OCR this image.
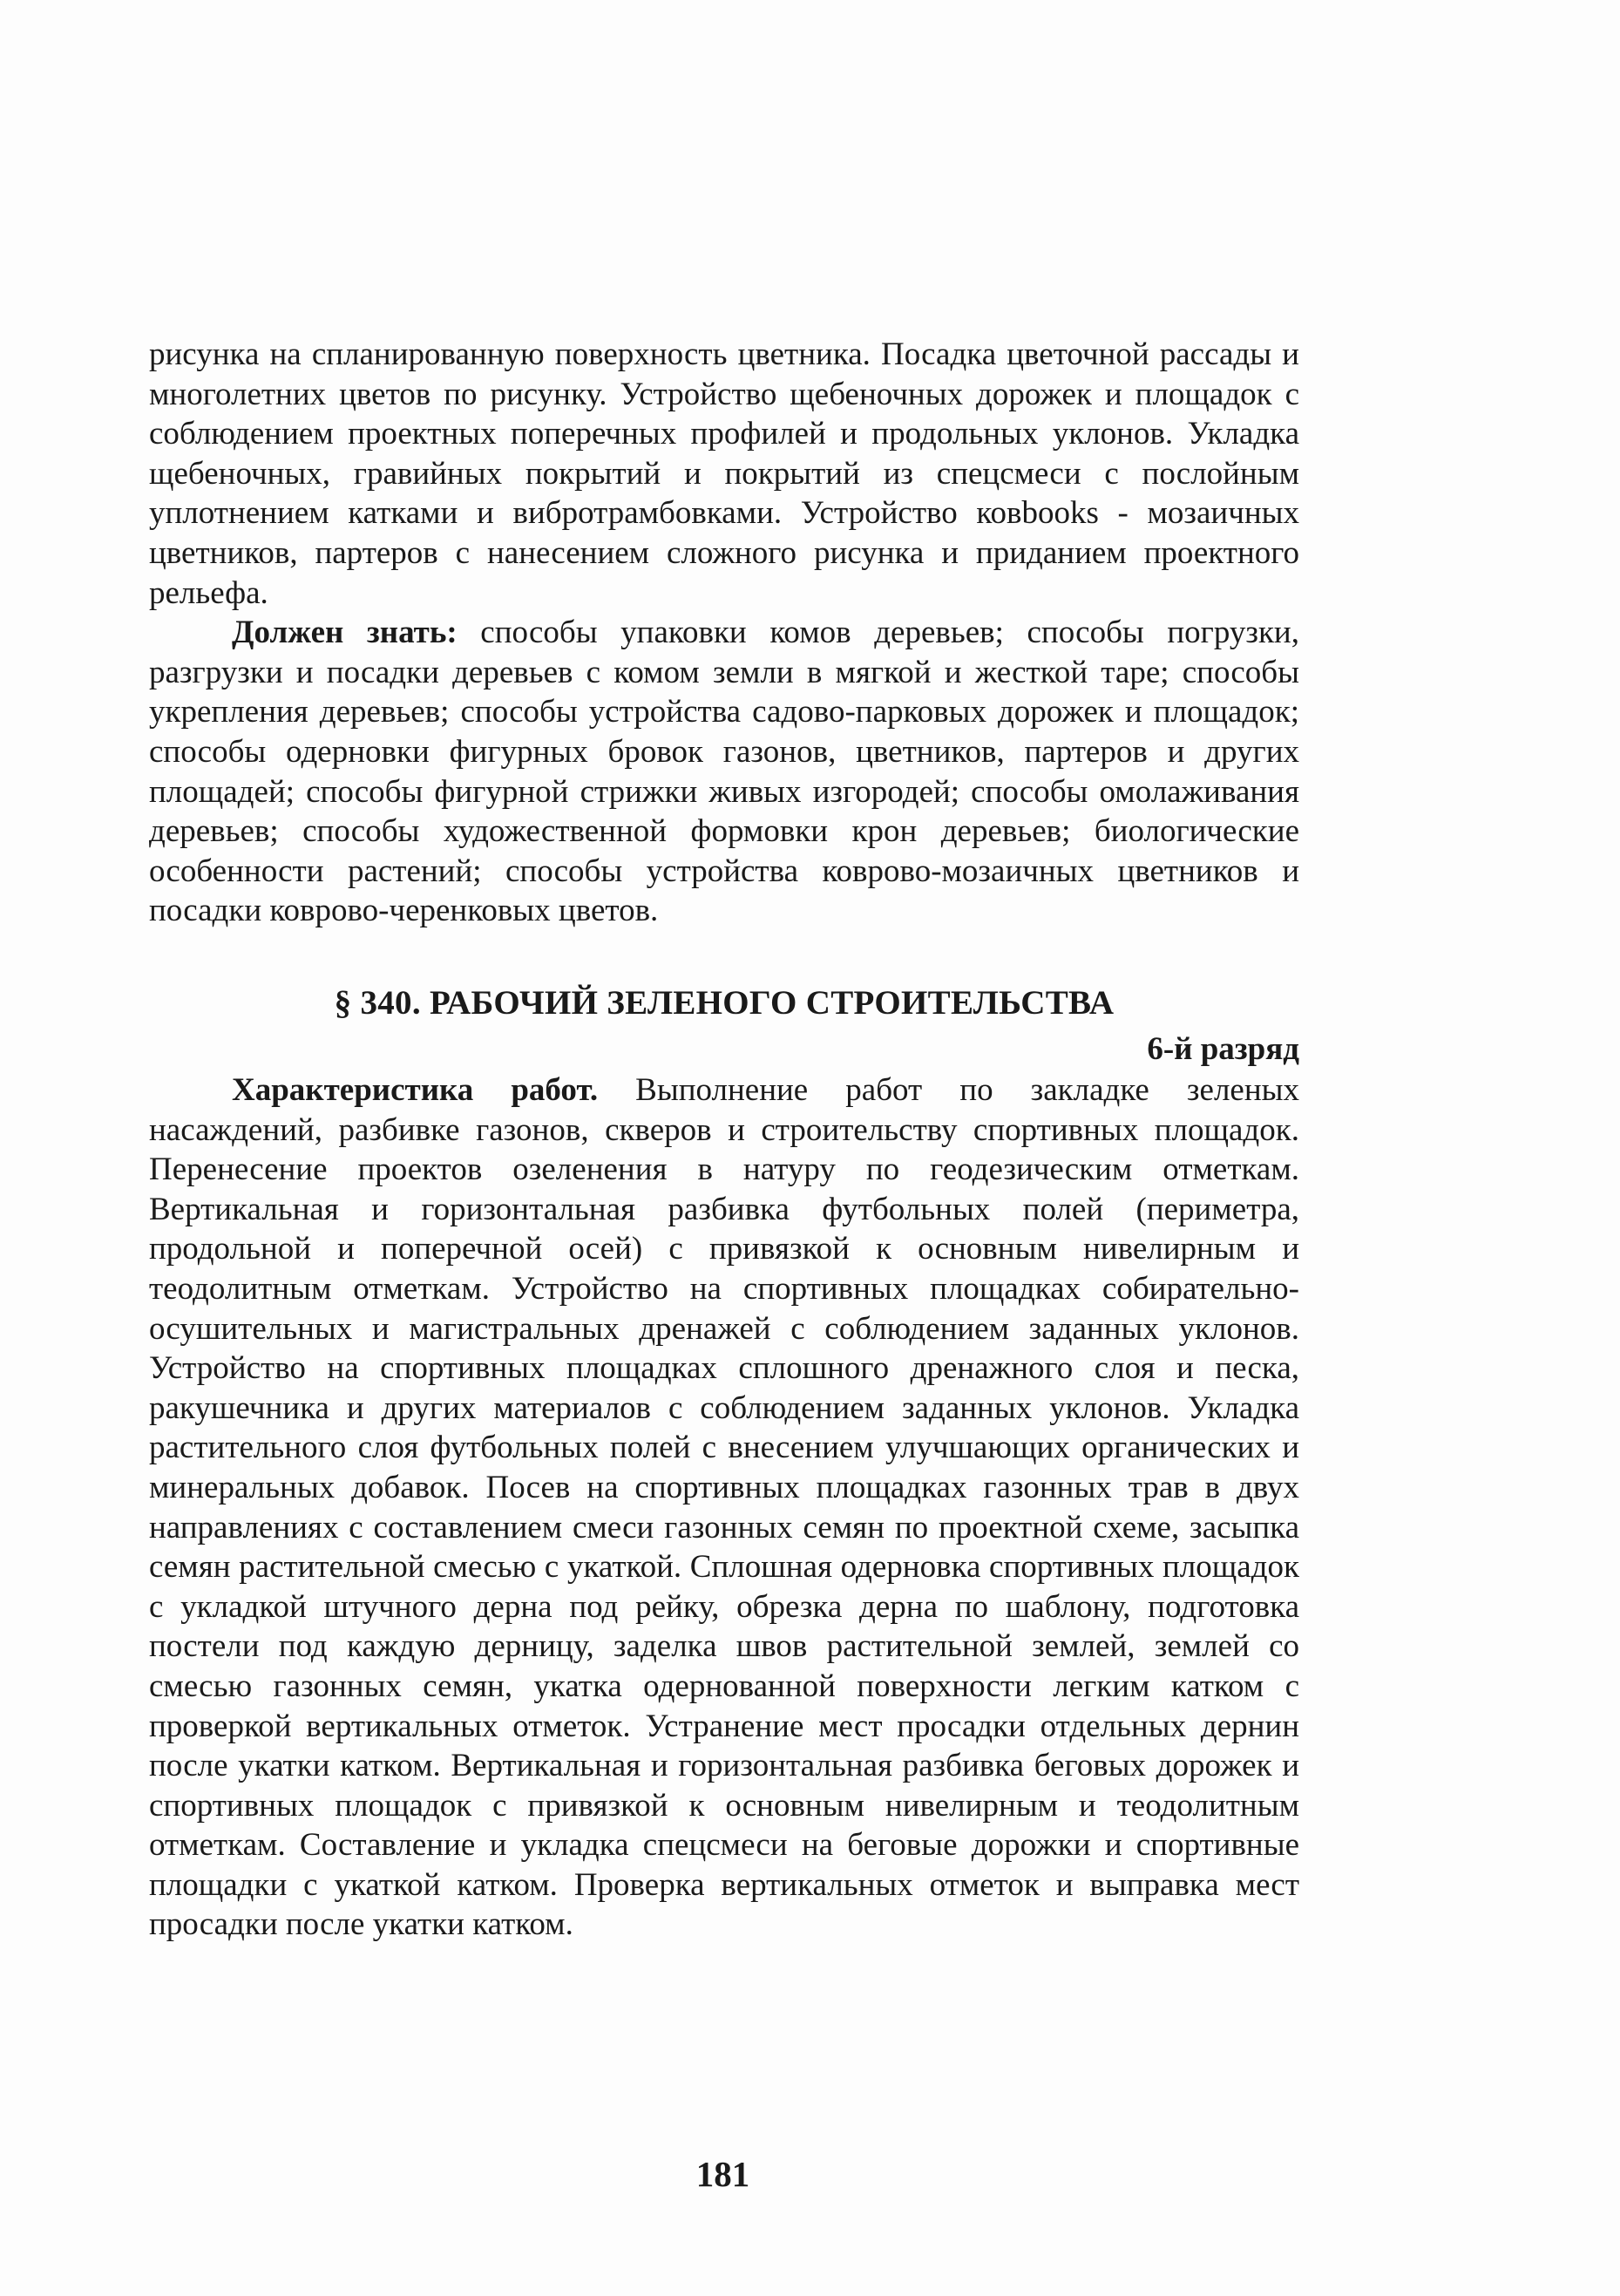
рисунка на спланированную поверхность цветника. Посадка цветочной рассады и многолетних цветов по рисунку. Устройство щебеночных дорожек и площадок с соблюдением проектных поперечных профилей и продольных уклонов. Укладка щебеночных, гравийных покрытий и покрытий из спецсмеси с послойным уплотнением катками и вибротрамбовками. Устройство ковbooks - мозаичных цветников, партеров с нанесением сложного рисунка и приданием проектного рельефа.

Должен знать: способы упаковки комов деревьев; способы погрузки, разгрузки и посадки деревьев с комом земли в мягкой и жесткой таре; способы укрепления деревьев; способы устройства садово-парковых дорожек и площадок; способы одерновки фигурных бровок газонов, цветников, партеров и других площадей; способы фигурной стрижки живых изгородей; способы омолаживания деревьев; способы художественной формовки крон деревьев; биологические особенности растений; способы устройства коврово-мозаичных цветников и посадки коврово-черенковых цветов.

§ 340. РАБОЧИЙ ЗЕЛЕНОГО СТРОИТЕЛЬСТВА

6-й разряд

Характеристика работ. Выполнение работ по закладке зеленых насаждений, разбивке газонов, скверов и строительству спортивных площадок. Перенесение проектов озеленения в натуру по геодезическим отметкам. Вертикальная и горизонтальная разбивка футбольных полей (периметра, продольной и поперечной осей) с привязкой к основным нивелирным и теодолитным отметкам. Устройство на спортивных площадках собирательно-осушительных и магистральных дренажей с соблюдением заданных уклонов. Устройство на спортивных площадках сплошного дренажного слоя и песка, ракушечника и других материалов с соблюдением заданных уклонов. Укладка растительного слоя футбольных полей с внесением улучшающих органических и минеральных добавок. Посев на спортивных площадках газонных трав в двух направлениях с составлением смеси газонных семян по проектной схеме, засыпка семян растительной смесью с укаткой. Сплошная одерновка спортивных площадок с укладкой штучного дерна под рейку, обрезка дерна по шаблону, подготовка постели под каждую дерницу, заделка швов растительной землей, землей со смесью газонных семян, укатка одернованной поверхности легким катком с проверкой вертикальных отметок. Устранение мест просадки отдельных дернин после укатки катком. Вертикальная и горизонтальная разбивка беговых дорожек и спортивных площадок с привязкой к основным нивелирным и теодолитным отметкам. Составление и укладка спецсмеси на беговые дорожки и спортивные площадки с укаткой катком. Проверка вертикальных отметок и выправка мест просадки после укатки катком.

181
